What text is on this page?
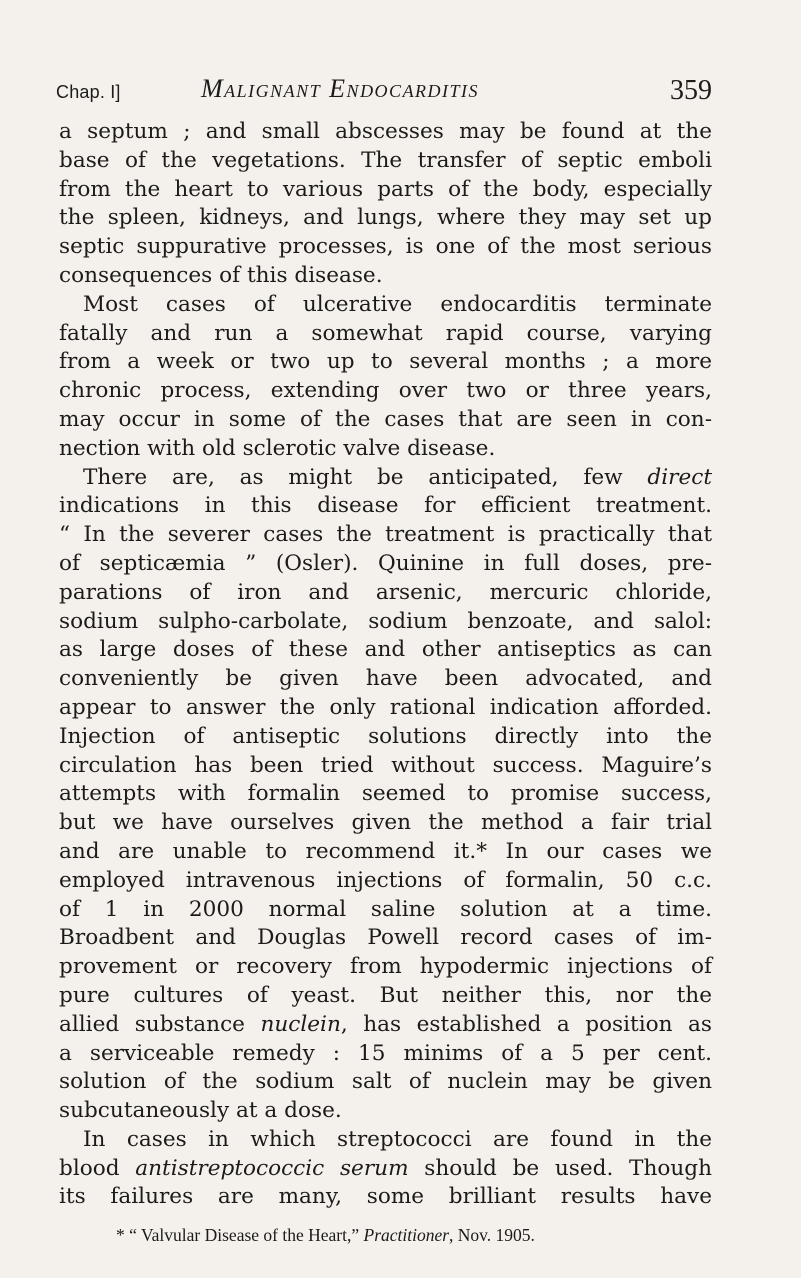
Chap. I]	Malignant Endocarditis	359
a septum ; and small abscesses may be found at the
base of the vegetations. The transfer of septic emboli
from the heart to various parts of the body, especially
the spleen, kidneys, and lungs, where they may set up
septic suppurative processes, is one of the most serious
consequences of this disease.
Most cases of ulcerative endocarditis terminate
fatally and run a somewhat rapid course, varying
from a week or two up to several months ; a more
chronic process, extending over two or three years,
may occur in some of the cases that are seen in con-
nection with old sclerotic valve disease.
There are, as might be anticipated, few direct
indications in this disease for efficient treatment.
“ In the severer cases the treatment is practically that
of septicæmia ” (Osler). Quinine in full doses, pre-
parations of iron and arsenic, mercuric chloride,
sodium sulpho-carbolate, sodium benzoate, and salol:
as large doses of these and other antiseptics as can
conveniently be given have been advocated, and
appear to answer the only rational indication afforded.
Injection of antiseptic solutions directly into the
circulation has been tried without success. Maguire’s
attempts with formalin seemed to promise success,
but we have ourselves given the method a fair trial
and are unable to recommend it.* In our cases we
employed intravenous injections of formalin, 50 c.c.
of 1 in 2000 normal saline solution at a time.
Broadbent and Douglas Powell record cases of im-
provement or recovery from hypodermic injections of
pure cultures of yeast. But neither this, nor the
allied substance nuclein, has established a position as
a serviceable remedy : 15 minims of a 5 per cent.
solution of the sodium salt of nuclein may be given
subcutaneously at a dose.
In cases in which streptococci are found in the
blood antistreptococcic serum should be used. Though
its failures are many, some brilliant results have
* “ Valvular Disease of the Heart,” Practitioner, Nov. 1905.
